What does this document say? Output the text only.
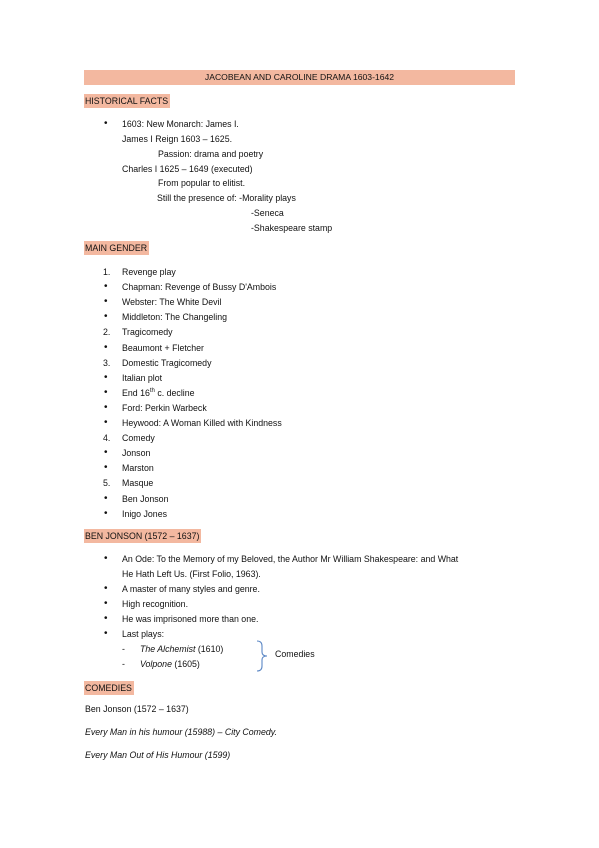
JACOBEAN AND CAROLINE DRAMA 1603-1642
HISTORICAL FACTS
• 1603: New Monarch: James I.
James I Reign 1603 – 1625.
Passion: drama and poetry
Charles I 1625 – 1649 (executed)
From popular to elitist.
Still the presence of: -Morality plays
-Seneca
-Shakespeare stamp
MAIN GENDER
1. Revenge play
• Chapman: Revenge of Bussy D'Ambois
• Webster: The White Devil
• Middleton: The Changeling
2. Tragicomedy
• Beaumont + Fletcher
3. Domestic Tragicomedy
• Italian plot
• End 16th c. decline
• Ford: Perkin Warbeck
• Heywood: A Woman Killed with Kindness
4. Comedy
• Jonson
• Marston
5. Masque
• Ben Jonson
• Inigo Jones
BEN JONSON (1572 – 1637)
• An Ode: To the Memory of my Beloved, the Author Mr William Shakespeare: and What
He Hath Left Us. (First Folio, 1963).
• A master of many styles and genre.
• High recognition.
• He was imprisoned more than one.
• Last plays:
- The Alchemist (1610)
- Volpone (1605)
Comedies
COMEDIES
Ben Jonson (1572 – 1637)
Every Man in his humour (15988) – City Comedy.
Every Man Out of His Humour (1599)
